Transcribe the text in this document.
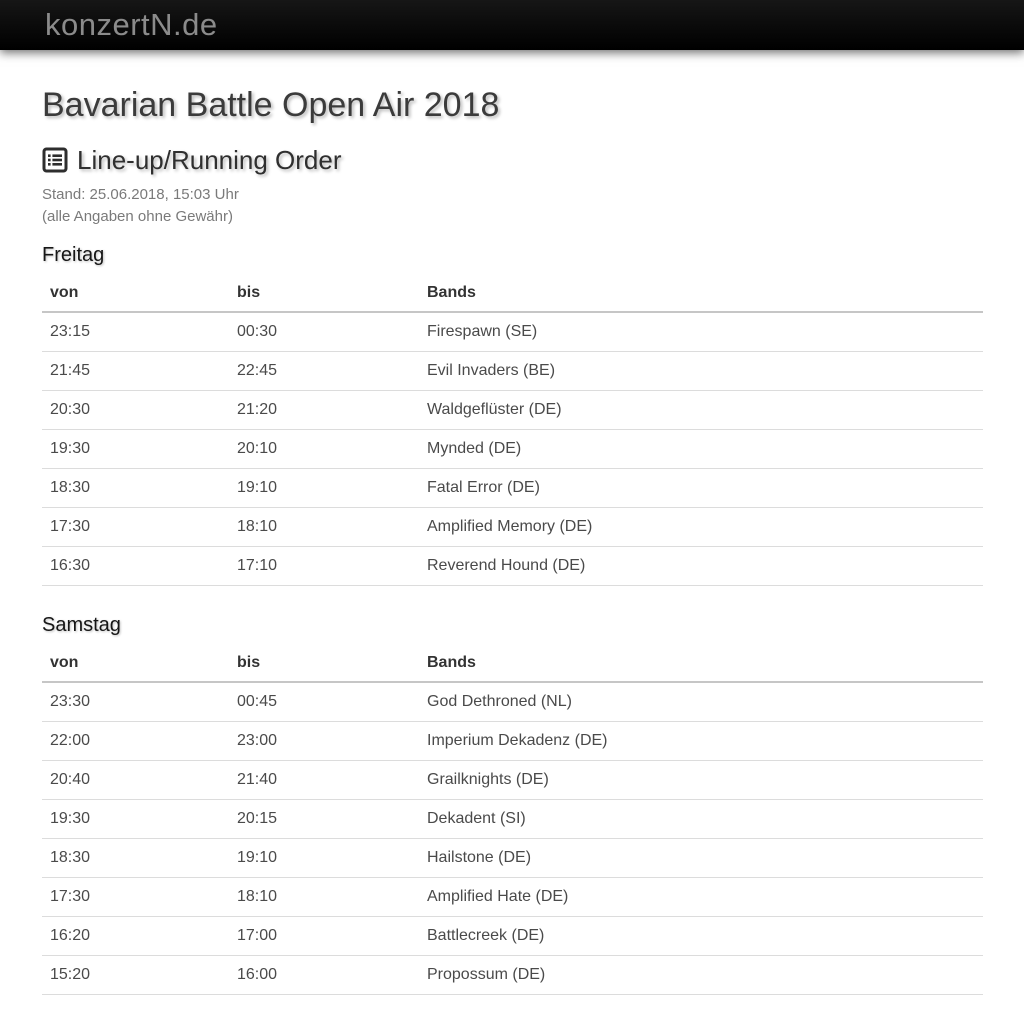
konzertN.de
Bavarian Battle Open Air 2018
Line-up/Running Order

Stand: 25.06.2018, 15:03 Uhr
(alle Angaben ohne Gewähr)

Freitag
von	bis	Bands
23:15	00:30	Firespawn (SE)
21:45	22:45	Evil Invaders (BE)
20:30	21:20	Waldgeflüster (DE)
19:30	20:10	Mynded (DE)
18:30	19:10	Fatal Error (DE)
17:30	18:10	Amplified Memory (DE)
16:30	17:10	Reverend Hound (DE)
Samstag
von	bis	Bands
23:30	00:45	God Dethroned (NL)
22:00	23:00	Imperium Dekadenz (DE)
20:40	21:40	Grailknights (DE)
19:30	20:15	Dekadent (SI)
18:30	19:10	Hailstone (DE)
17:30	18:10	Amplified Hate (DE)
16:20	17:00	Battlecreek (DE)
15:20	16:00	Propossum (DE)
